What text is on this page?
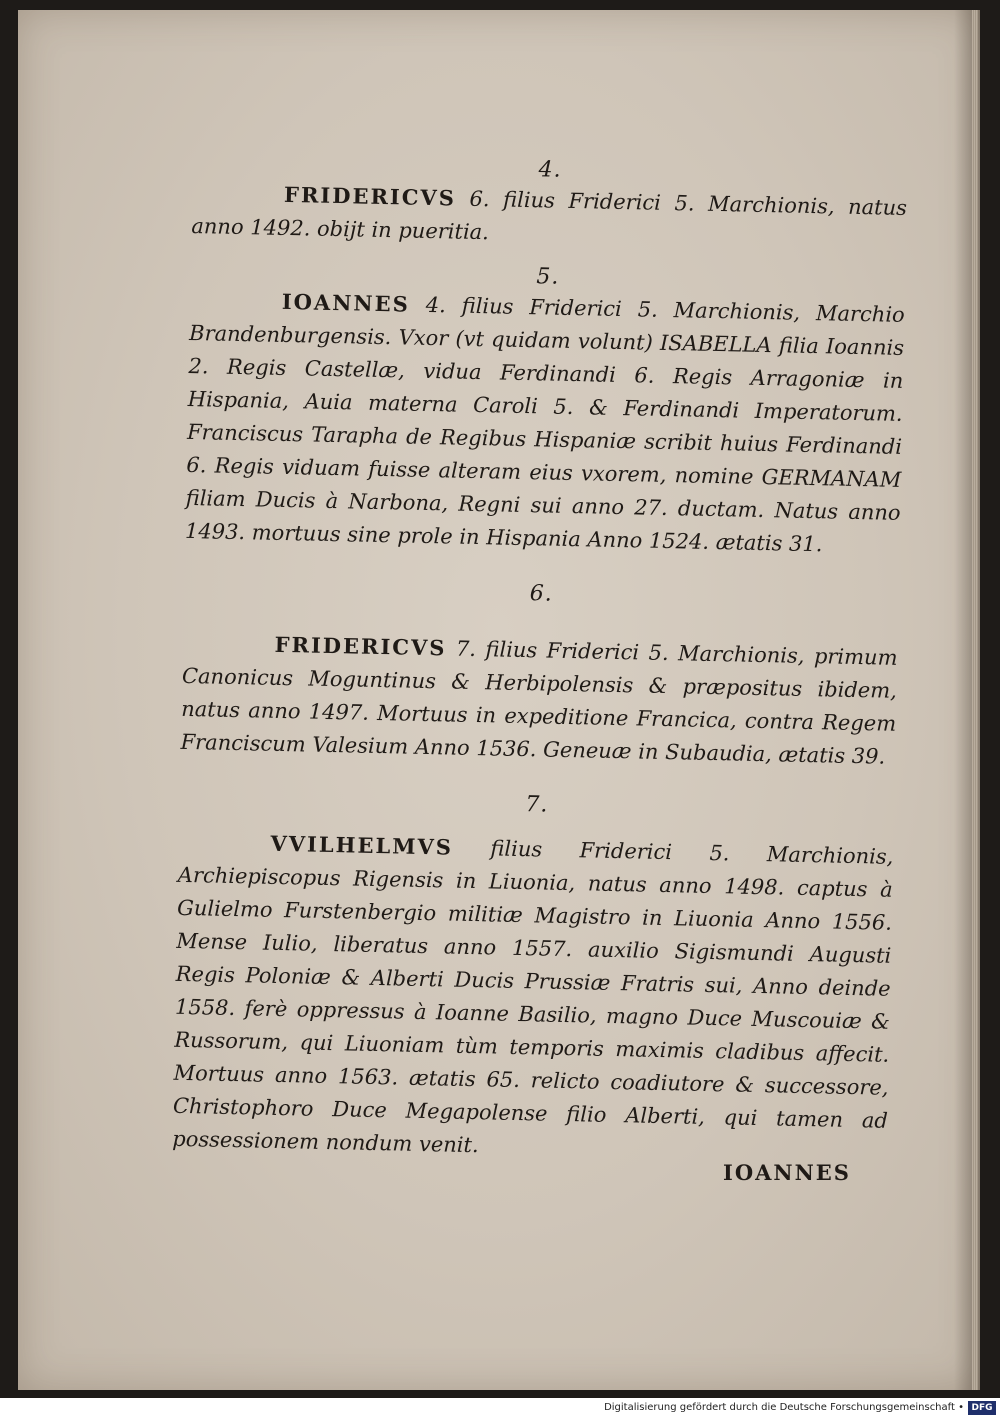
4.

FRIDERICVS 6. filius Friderici 5. Marchionis, natus anno 1492. obijt in pueritia.

5.

IOANNES 4. filius Friderici 5. Marchionis, Marchio Brandenburgensis. Vxor (vt quidam volunt) ISABELLA filia Ioannis 2. Regis Castellæ, vidua Ferdinandi 6. Regis Arragoniæ in Hispania, Auia materna Caroli 5. & Ferdinandi Imperatorum. Franciscus Tarapha de Regibus Hispaniæ scribit huius Ferdinandi 6. Regis viduam fuisse alteram eius vxorem, nomine GERMANAM filiam Ducis à Narbona, Regni sui anno 27. ductam. Natus anno 1493. mortuus sine prole in Hispania Anno 1524. ætatis 31.

6.

FRIDERICVS 7. filius Friderici 5. Marchionis, primum Canonicus Moguntinus & Herbipolensis & præpositus ibidem, natus anno 1497. Mortuus in expeditione Francica, contra Regem Franciscum Valesium Anno 1536. Geneuæ in Subaudia, ætatis 39.

7.

VVILHELMVS filius Friderici 5. Marchionis, Archiepiscopus Rigensis in Liuonia, natus anno 1498. captus à Gulielmo Furstenbergio militiæ Magistro in Liuonia Anno 1556. Mense Iulio, liberatus anno 1557. auxilio Sigismundi Augusti Regis Poloniæ & Alberti Ducis Prussiæ Fratris sui, Anno deinde 1558. ferè oppressus à Ioanne Basilio, magno Duce Muscouiæ & Russorum, qui Liuoniam tùm temporis maximis cladibus affecit. Mortuus anno 1563. ætatis 65. relicto coadiutore & successore, Christophoro Duce Megapolense filio Alberti, qui tamen ad possessionem nondum venit.

IOANNES
Digitalisierung gefördert durch die Deutsche Forschungsgemeinschaft • DFG
